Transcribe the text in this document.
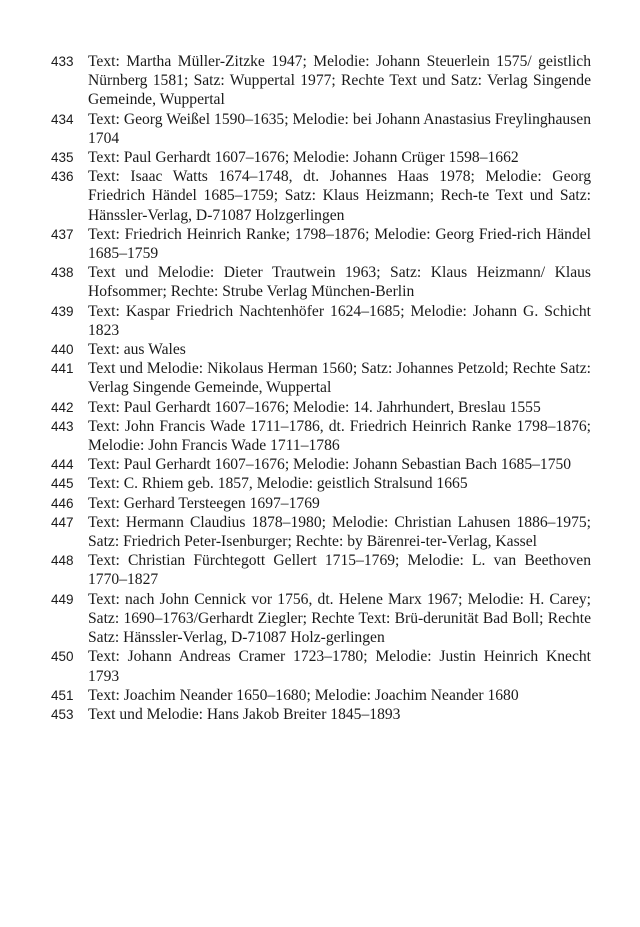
433 Text: Martha Müller-Zitzke 1947; Melodie: Johann Steuerlein 1575/ geistlich Nürnberg 1581; Satz: Wuppertal 1977; Rechte Text und Satz: Verlag Singende Gemeinde, Wuppertal
434 Text: Georg Weißel 1590–1635; Melodie: bei Johann Anastasius Freylinghausen 1704
435 Text: Paul Gerhardt 1607–1676; Melodie: Johann Crüger 1598–1662
436 Text: Isaac Watts 1674–1748, dt. Johannes Haas 1978; Melodie: Georg Friedrich Händel 1685–1759; Satz: Klaus Heizmann; Rech-te Text und Satz: Hänssler-Verlag, D-71087 Holzgerlingen
437 Text: Friedrich Heinrich Ranke; 1798–1876; Melodie: Georg Fried-rich Händel 1685–1759
438 Text und Melodie: Dieter Trautwein 1963; Satz: Klaus Heizmann/ Klaus Hofsommer; Rechte: Strube Verlag München-Berlin
439 Text: Kaspar Friedrich Nachtenhöfer 1624–1685; Melodie: Johann G. Schicht 1823
440 Text: aus Wales
441 Text und Melodie: Nikolaus Herman 1560; Satz: Johannes Petzold; Rechte Satz: Verlag Singende Gemeinde, Wuppertal
442 Text: Paul Gerhardt 1607–1676; Melodie: 14. Jahrhundert, Breslau 1555
443 Text: John Francis Wade 1711–1786, dt. Friedrich Heinrich Ranke 1798–1876; Melodie: John Francis Wade 1711–1786
444 Text: Paul Gerhardt 1607–1676; Melodie: Johann Sebastian Bach 1685–1750
445 Text: C. Rhiem geb. 1857, Melodie: geistlich Stralsund 1665
446 Text: Gerhard Tersteegen 1697–1769
447 Text: Hermann Claudius 1878–1980; Melodie: Christian Lahusen 1886–1975; Satz: Friedrich Peter-Isenburger; Rechte: by Bärenrei-ter-Verlag, Kassel
448 Text: Christian Fürchtegott Gellert 1715–1769; Melodie: L. van Beethoven 1770–1827
449 Text: nach John Cennick vor 1756, dt. Helene Marx 1967; Melodie: H. Carey; Satz: 1690–1763/Gerhardt Ziegler; Rechte Text: Brü-derunität Bad Boll; Rechte Satz: Hänssler-Verlag, D-71087 Holz-gerlingen
450 Text: Johann Andreas Cramer 1723–1780; Melodie: Justin Heinrich Knecht 1793
451 Text: Joachim Neander 1650–1680; Melodie: Joachim Neander 1680
453 Text und Melodie: Hans Jakob Breiter 1845–1893
